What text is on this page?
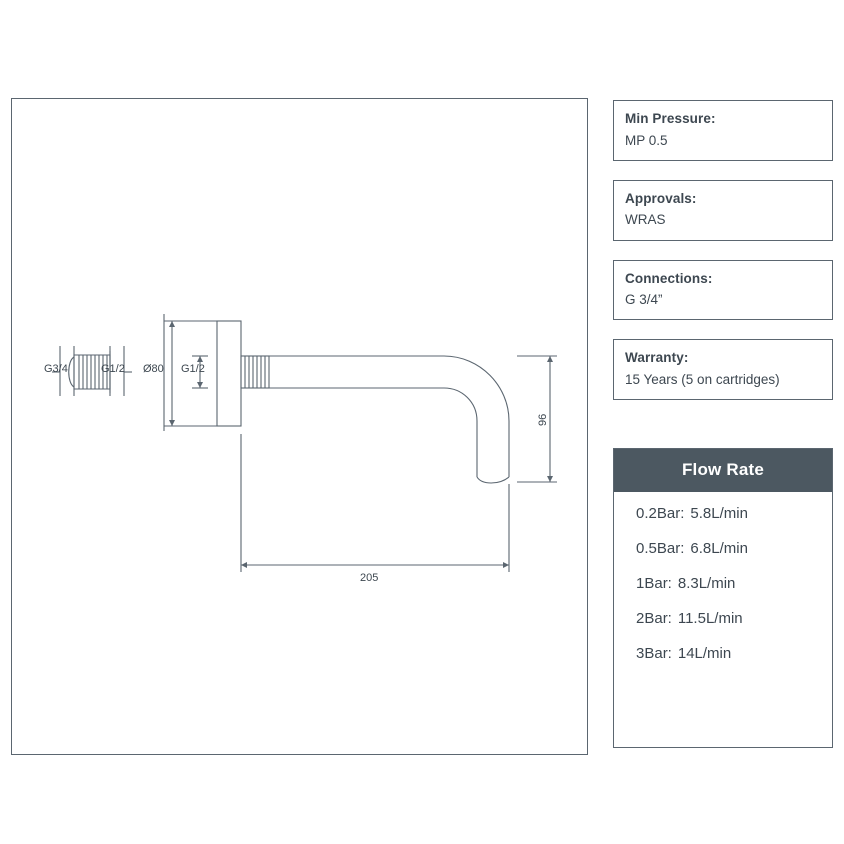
G3/4	G1/2 Ø80 G1/2
205
96
Min Pressure:
MP 0.5
Approvals:
WRAS
Connections:
G 3/4”
Warranty:
15 Years (5 on cartridges)
Flow Rate
0.2Bar: 5.8L/min
0.5Bar: 6.8L/min
1Bar: 8.3L/min
2Bar: 11.5L/min
3Bar: 14L/min
